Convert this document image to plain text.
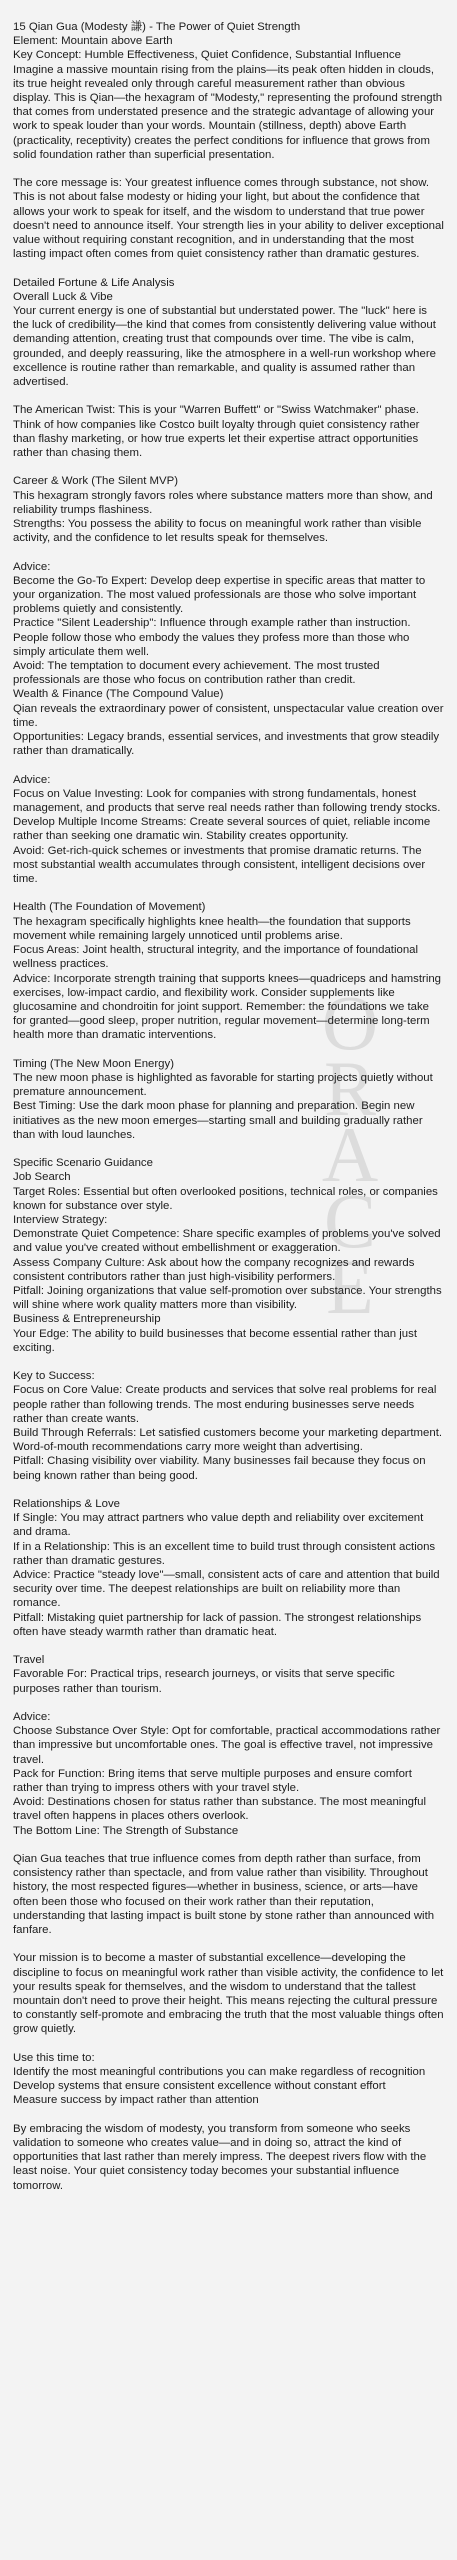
O
R
A
C
E
15 Qian Gua (Modesty 謙) - The Power of Quiet Strength
Element: Mountain above Earth
Key Concept: Humble Effectiveness, Quiet Confidence, Substantial Influence
Imagine a massive mountain rising from the plains—its peak often hidden in clouds, its true height revealed only through careful measurement rather than obvious display. This is Qian—the hexagram of "Modesty," representing the profound strength that comes from understated presence and the strategic advantage of allowing your work to speak louder than your words. Mountain (stillness, depth) above Earth (practicality, receptivity) creates the perfect conditions for influence that grows from solid foundation rather than superficial presentation.
The core message is: Your greatest influence comes through substance, not show. This is not about false modesty or hiding your light, but about the confidence that allows your work to speak for itself, and the wisdom to understand that true power doesn't need to announce itself. Your strength lies in your ability to deliver exceptional value without requiring constant recognition, and in understanding that the most lasting impact often comes from quiet consistency rather than dramatic gestures.
Detailed Fortune & Life Analysis
Overall Luck & Vibe
Your current energy is one of substantial but understated power. The "luck" here is the luck of credibility—the kind that comes from consistently delivering value without demanding attention, creating trust that compounds over time. The vibe is calm, grounded, and deeply reassuring, like the atmosphere in a well-run workshop where excellence is routine rather than remarkable, and quality is assumed rather than advertised.
The American Twist: This is your "Warren Buffett" or "Swiss Watchmaker" phase. Think of how companies like Costco built loyalty through quiet consistency rather than flashy marketing, or how true experts let their expertise attract opportunities rather than chasing them.
Career & Work (The Silent MVP)
This hexagram strongly favors roles where substance matters more than show, and reliability trumps flashiness.
Strengths: You possess the ability to focus on meaningful work rather than visible activity, and the confidence to let results speak for themselves.
Advice:
Become the Go-To Expert: Develop deep expertise in specific areas that matter to your organization. The most valued professionals are those who solve important problems quietly and consistently.
Practice "Silent Leadership": Influence through example rather than instruction. People follow those who embody the values they profess more than those who simply articulate them well.
Avoid: The temptation to document every achievement. The most trusted professionals are those who focus on contribution rather than credit.
Wealth & Finance (The Compound Value)
Qian reveals the extraordinary power of consistent, unspectacular value creation over time.
Opportunities: Legacy brands, essential services, and investments that grow steadily rather than dramatically.
Advice:
Focus on Value Investing: Look for companies with strong fundamentals, honest management, and products that serve real needs rather than following trendy stocks.
Develop Multiple Income Streams: Create several sources of quiet, reliable income rather than seeking one dramatic win. Stability creates opportunity.
Avoid: Get-rich-quick schemes or investments that promise dramatic returns. The most substantial wealth accumulates through consistent, intelligent decisions over time.
Health (The Foundation of Movement)
The hexagram specifically highlights knee health—the foundation that supports movement while remaining largely unnoticed until problems arise.
Focus Areas: Joint health, structural integrity, and the importance of foundational wellness practices.
Advice: Incorporate strength training that supports knees—quadriceps and hamstring exercises, low-impact cardio, and flexibility work. Consider supplements like glucosamine and chondroitin for joint support. Remember: the foundations we take for granted—good sleep, proper nutrition, regular movement—determine long-term health more than dramatic interventions.
Timing (The New Moon Energy)
The new moon phase is highlighted as favorable for starting projects quietly without premature announcement.
Best Timing: Use the dark moon phase for planning and preparation. Begin new initiatives as the new moon emerges—starting small and building gradually rather than with loud launches.
Specific Scenario Guidance
Job Search
Target Roles: Essential but often overlooked positions, technical roles, or companies known for substance over style.
Interview Strategy:
Demonstrate Quiet Competence: Share specific examples of problems you've solved and value you've created without embellishment or exaggeration.
Assess Company Culture: Ask about how the company recognizes and rewards consistent contributors rather than just high-visibility performers.
Pitfall: Joining organizations that value self-promotion over substance. Your strengths will shine where work quality matters more than visibility.
Business & Entrepreneurship
Your Edge: The ability to build businesses that become essential rather than just exciting.
Key to Success:
Focus on Core Value: Create products and services that solve real problems for real people rather than following trends. The most enduring businesses serve needs rather than create wants.
Build Through Referrals: Let satisfied customers become your marketing department. Word-of-mouth recommendations carry more weight than advertising.
Pitfall: Chasing visibility over viability. Many businesses fail because they focus on being known rather than being good.
Relationships & Love
If Single: You may attract partners who value depth and reliability over excitement and drama.
If in a Relationship: This is an excellent time to build trust through consistent actions rather than dramatic gestures.
Advice: Practice "steady love"—small, consistent acts of care and attention that build security over time. The deepest relationships are built on reliability more than romance.
Pitfall: Mistaking quiet partnership for lack of passion. The strongest relationships often have steady warmth rather than dramatic heat.
Travel
Favorable For: Practical trips, research journeys, or visits that serve specific purposes rather than tourism.
Advice:
Choose Substance Over Style: Opt for comfortable, practical accommodations rather than impressive but uncomfortable ones. The goal is effective travel, not impressive travel.
Pack for Function: Bring items that serve multiple purposes and ensure comfort rather than trying to impress others with your travel style.
Avoid: Destinations chosen for status rather than substance. The most meaningful travel often happens in places others overlook.
The Bottom Line: The Strength of Substance
Qian Gua teaches that true influence comes from depth rather than surface, from consistency rather than spectacle, and from value rather than visibility. Throughout history, the most respected figures—whether in business, science, or arts—have often been those who focused on their work rather than their reputation, understanding that lasting impact is built stone by stone rather than announced with fanfare.
Your mission is to become a master of substantial excellence—developing the discipline to focus on meaningful work rather than visible activity, the confidence to let your results speak for themselves, and the wisdom to understand that the tallest mountain don't need to prove their height. This means rejecting the cultural pressure to constantly self-promote and embracing the truth that the most valuable things often grow quietly.
Use this time to:
Identify the most meaningful contributions you can make regardless of recognition
Develop systems that ensure consistent excellence without constant effort
Measure success by impact rather than attention
By embracing the wisdom of modesty, you transform from someone who seeks validation to someone who creates value—and in doing so, attract the kind of opportunities that last rather than merely impress. The deepest rivers flow with the least noise. Your quiet consistency today becomes your substantial influence tomorrow.
